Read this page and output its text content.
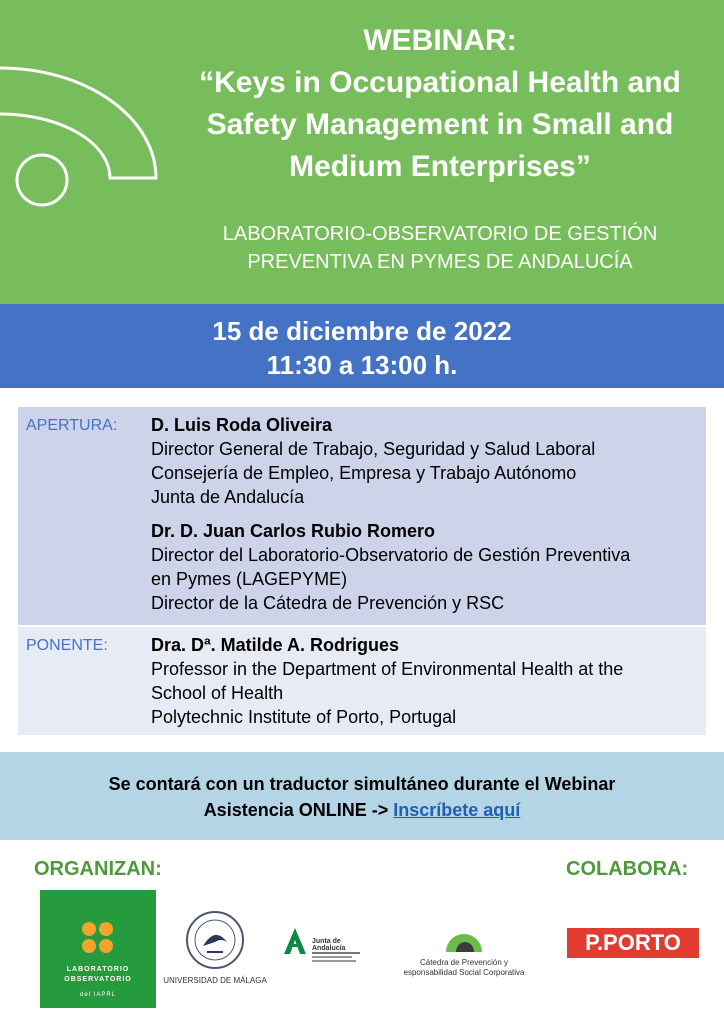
WEBINAR:
“Keys in Occupational Health and
Safety Management in Small and
Medium Enterprises”
LABORATORIO-OBSERVATORIO DE GESTIÓN
PREVENTIVA EN PYMES DE ANDALUCÍA
15 de diciembre de 2022
11:30 a 13:00 h.
APERTURA: D. Luis Roda Oliveira
Director General de Trabajo, Seguridad y Salud Laboral
Consejería de Empleo, Empresa y Trabajo Autónomo
Junta de Andalucía
Dr. D. Juan Carlos Rubio Romero
Director del Laboratorio-Observatorio de Gestión Preventiva
en Pymes (LAGEPYME)
Director de la Cátedra de Prevención y RSC
PONENTE: Dra. Dª. Matilde A. Rodrigues
Professor in the Department of Environmental Health at the
School of Health
Polytechnic Institute of Porto, Portugal
Se contará con un traductor simultáneo durante el Webinar
Asistencia ONLINE -> Inscríbete aquí
ORGANIZAN:	COLABORA:
LABORATORIO
OBSERVATORIO
del IAPRL
UNIVERSIDAD DE MÁLAGA
Junta de Andalucía
Cátedra de Prevención y
esponsabilidad Social Corporativa
P.PORTO
